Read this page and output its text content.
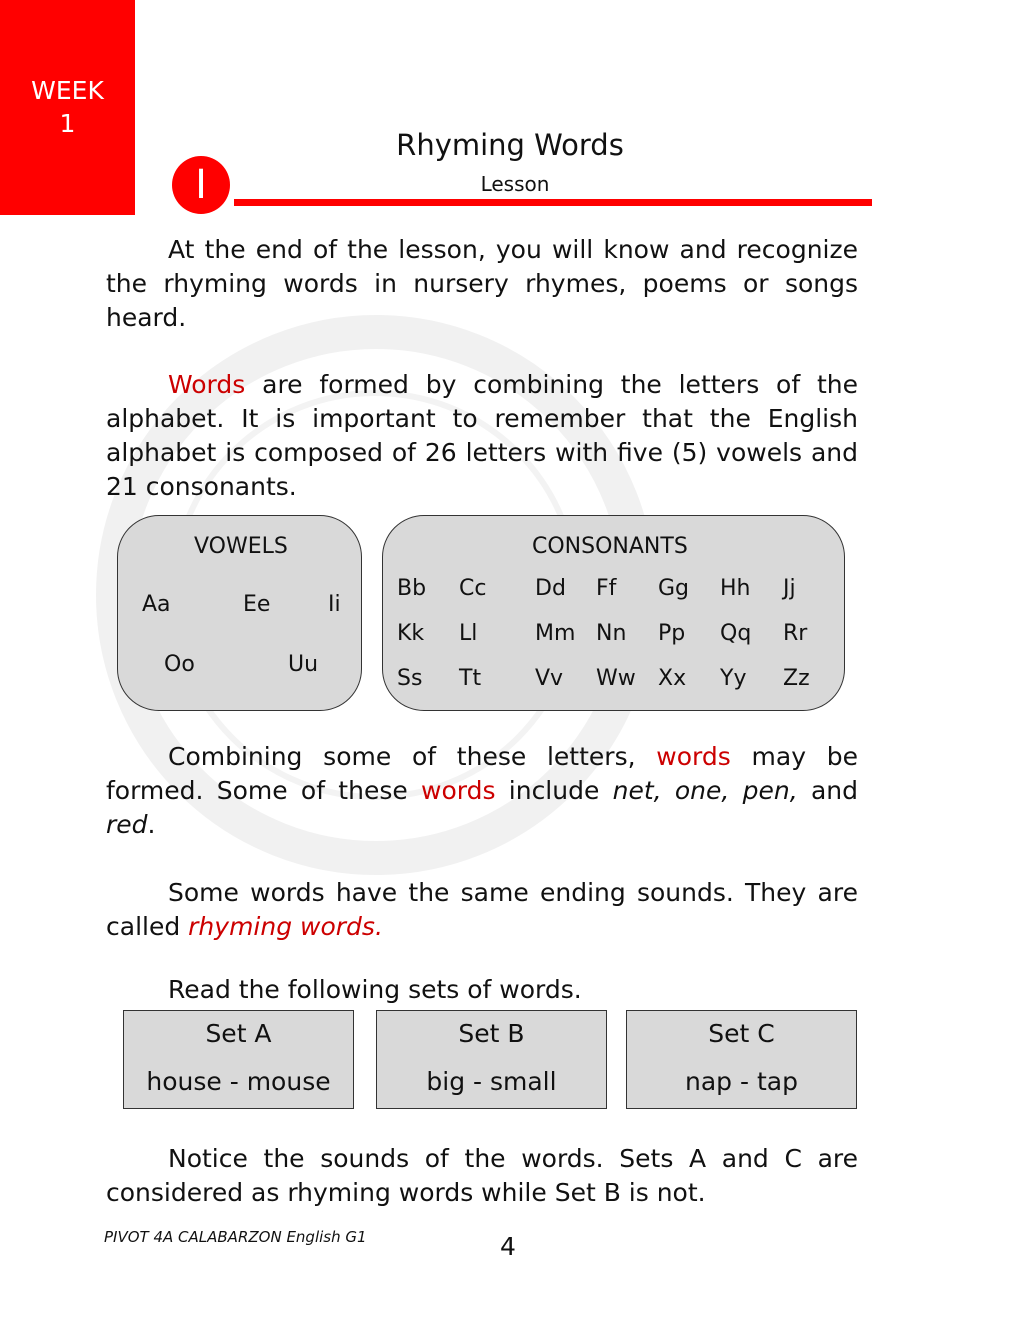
WEEK
1
I
Rhyming Words
Lesson
At the end of the lesson, you will know and recognize the rhyming words in nursery rhymes, poems or songs heard.
Words are formed by combining the letters of the alphabet. It is important to remember that the English alphabet is composed of 26 letters with five (5) vowels and 21 consonants.
VOWELS
Aa	Ee	Ii
Oo	Uu
CONSONANTS
Bb Cc Dd Ff Gg Hh Jj
Kk Ll	Mm Nn Pp Qq Rr
Ss Tt Vv Ww Xx Yy Zz
Combining some of these letters, words may be formed. Some of these words include net, one, pen, and red.
Some words have the same ending sounds. They are called rhyming words.
Read the following sets of words.
Set A
house - mouse
Set B
big - small
Set C
nap - tap
Notice the sounds of the words. Sets A and C are considered as rhyming words while Set B is not.
PIVOT 4A CALABARZON English G1	4
